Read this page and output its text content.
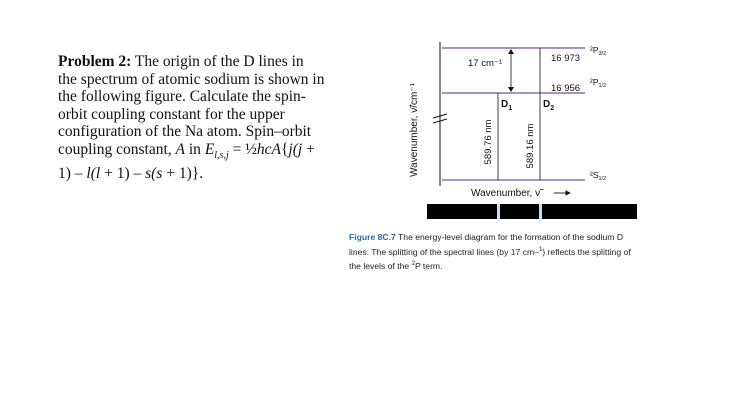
Problem 2: The origin of the D lines in
the spectrum of atomic sodium is shown in
the following figure. Calculate the spin-
orbit coupling constant for the upper
configuration of the Na atom. Spin–orbit
coupling constant, A in $E_{l,s,j}$ = ½hcA{j(j +
1) – l(l + 1) – s(s + 1)}.	Wavenumber, ν̃/cm⁻¹
17 cm⁻¹
$D_1$	$D_2$
589.76 nm	589.16 nm
16 973
$^2P_{3/2}$
16 956
$^2P_{1/2}$
$^2S_{1/2}$
Wavenumber, ν̃
Figure 8C.7 The energy-level diagram for the formation of the sodium D
lines. The splitting of the spectral lines (by 17 cm–$^1$) reflects the splitting of
the levels of the $^2$P term.
